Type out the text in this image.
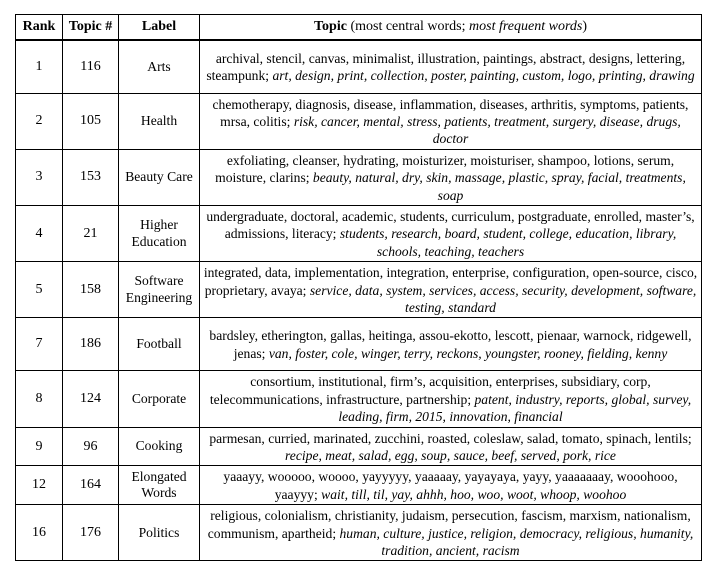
Rank	Topic #	Label	Topic (most central words; most frequent words)
1	116	Arts	archival, stencil, canvas, minimalist, illustration, paintings, abstract, designs, lettering, steampunk; art, design, print, collection, poster, painting, custom, logo, printing, drawing
2	105	Health	chemotherapy, diagnosis, disease, inflammation, diseases, arthritis, symptoms, patients, mrsa, colitis; risk, cancer, mental, stress, patients, treatment, surgery, disease, drugs, doctor
3	153	Beauty Care	exfoliating, cleanser, hydrating, moisturizer, moisturiser, shampoo, lotions, serum, moisture, clarins; beauty, natural, dry, skin, massage, plastic, spray, facial, treatments, soap
4	21	Higher Education	undergraduate, doctoral, academic, students, curriculum, postgraduate, enrolled, master’s, admissions, literacy; students, research, board, student, college, education, library, schools, teaching, teachers
5	158	Software Engineering	integrated, data, implementation, integration, enterprise, configuration, open-source, cisco, proprietary, avaya; service, data, system, services, access, security, development, software, testing, standard
7	186	Football	bardsley, etherington, gallas, heitinga, assou-ekotto, lescott, pienaar, warnock, ridgewell, jenas; van, foster, cole, winger, terry, reckons, youngster, rooney, fielding, kenny
8	124	Corporate	consortium, institutional, firm’s, acquisition, enterprises, subsidiary, corp, telecommunications, infrastructure, partnership; patent, industry, reports, global, survey, leading, firm, 2015, innovation, financial
9	96	Cooking	parmesan, curried, marinated, zucchini, roasted, coleslaw, salad, tomato, spinach, lentils; recipe, meat, salad, egg, soup, sauce, beef, served, pork, rice
12	164	Elongated Words	yaaayy, wooooo, woooo, yayyyyy, yaaaaay, yayayaya, yayy, yaaaaaaay, wooohooo, yaayyy; wait, till, til, yay, ahhh, hoo, woo, woot, whoop, woohoo
16	176	Politics	religious, colonialism, christianity, judaism, persecution, fascism, marxism, nationalism, communism, apartheid; human, culture, justice, religion, democracy, religious, humanity, tradition, ancient, racism
